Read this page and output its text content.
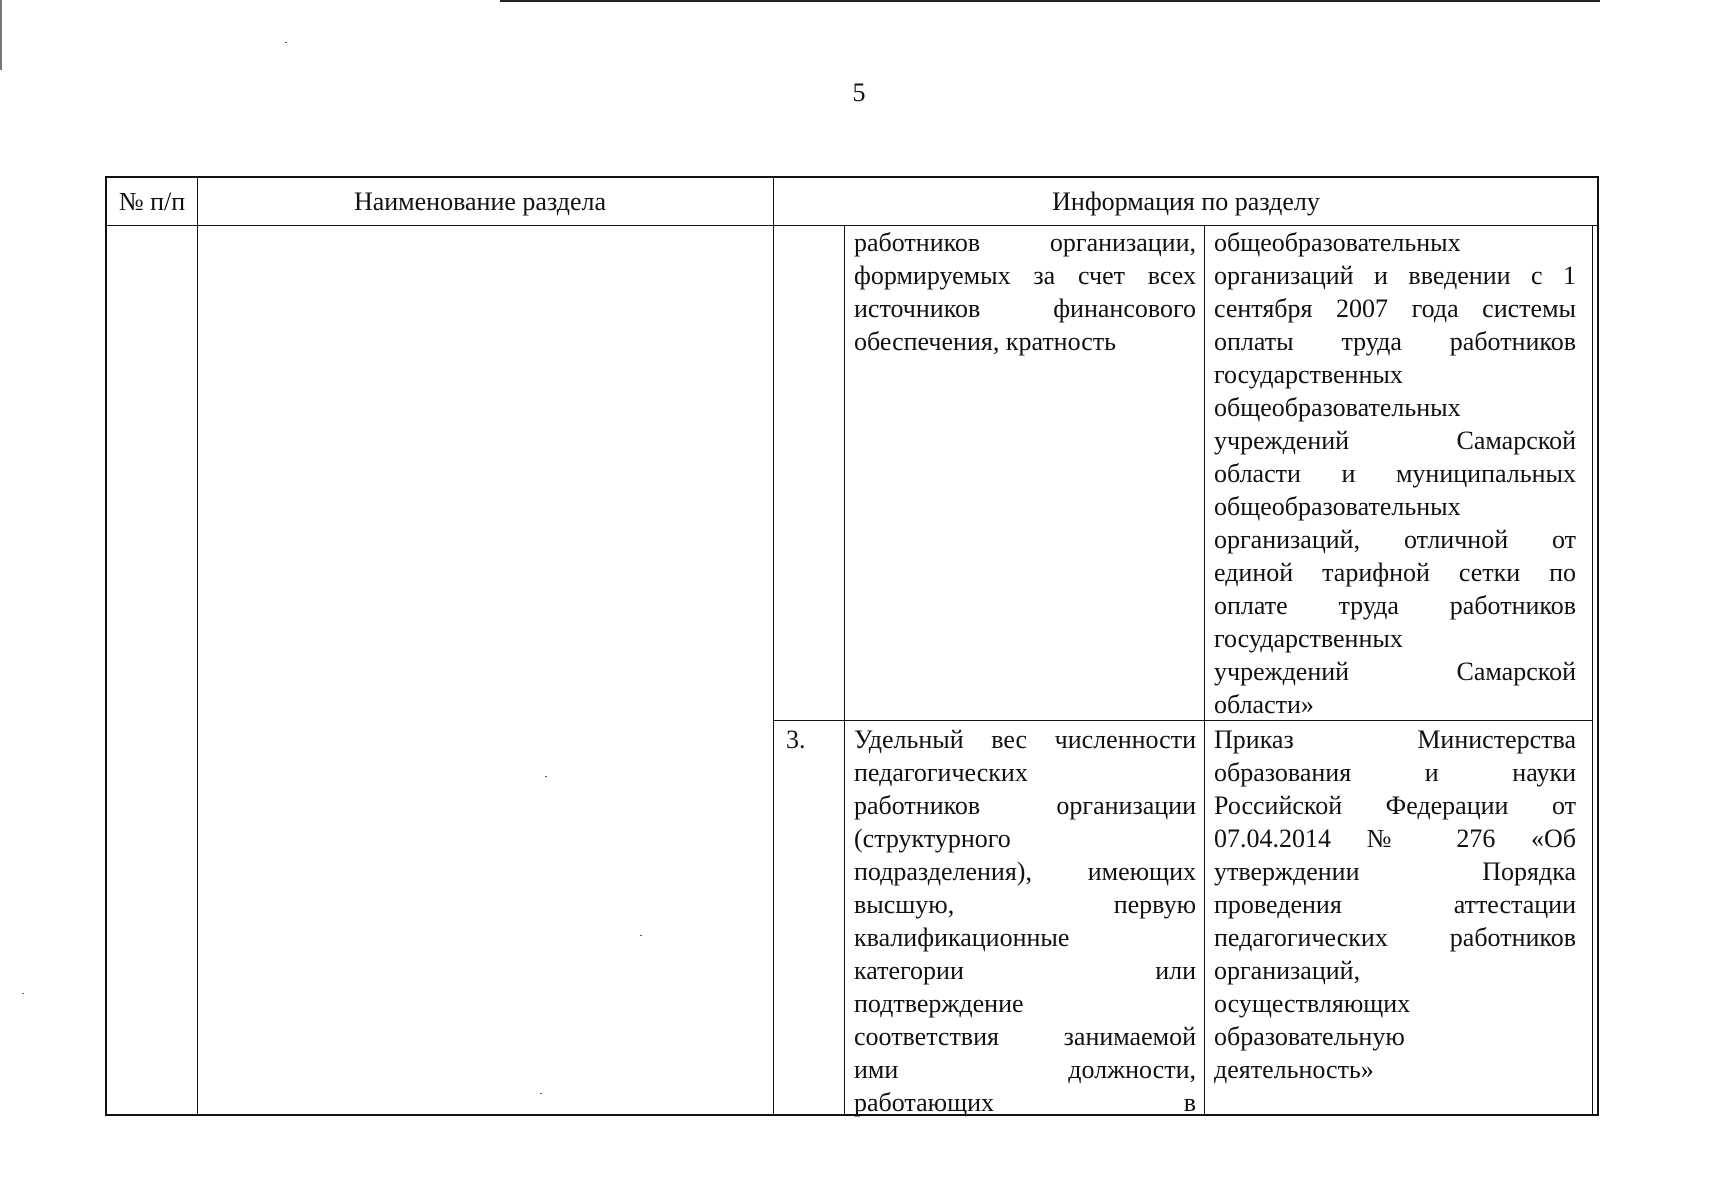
5
№ п/п	Наименование раздела	Информация по разделу
работников организации,
формируемых за счет всех
источников финансового
обеспечения, кратность
общеобразовательных
организаций и введении с 1
сентября 2007 года системы
оплаты труда работников
государственных
общеобразовательных
учреждений Самарской
области и муниципальных
общеобразовательных
организаций, отличной от
единой тарифной сетки по
оплате труда работников
государственных
учреждений Самарской
области»
3. Удельный вес численности
педагогических
работников организации
(структурного
подразделения), имеющих
высшую, первую
квалификационные
категории или
подтверждение
соответствия занимаемой
ими должности,
работающих в
Приказ Министерства
образования и науки
Российской Федерации от
07.04.2014 № 276 «Об
утверждении Порядка
проведения аттестации
педагогических работников
организаций,
осуществляющих
образовательную
деятельность»
